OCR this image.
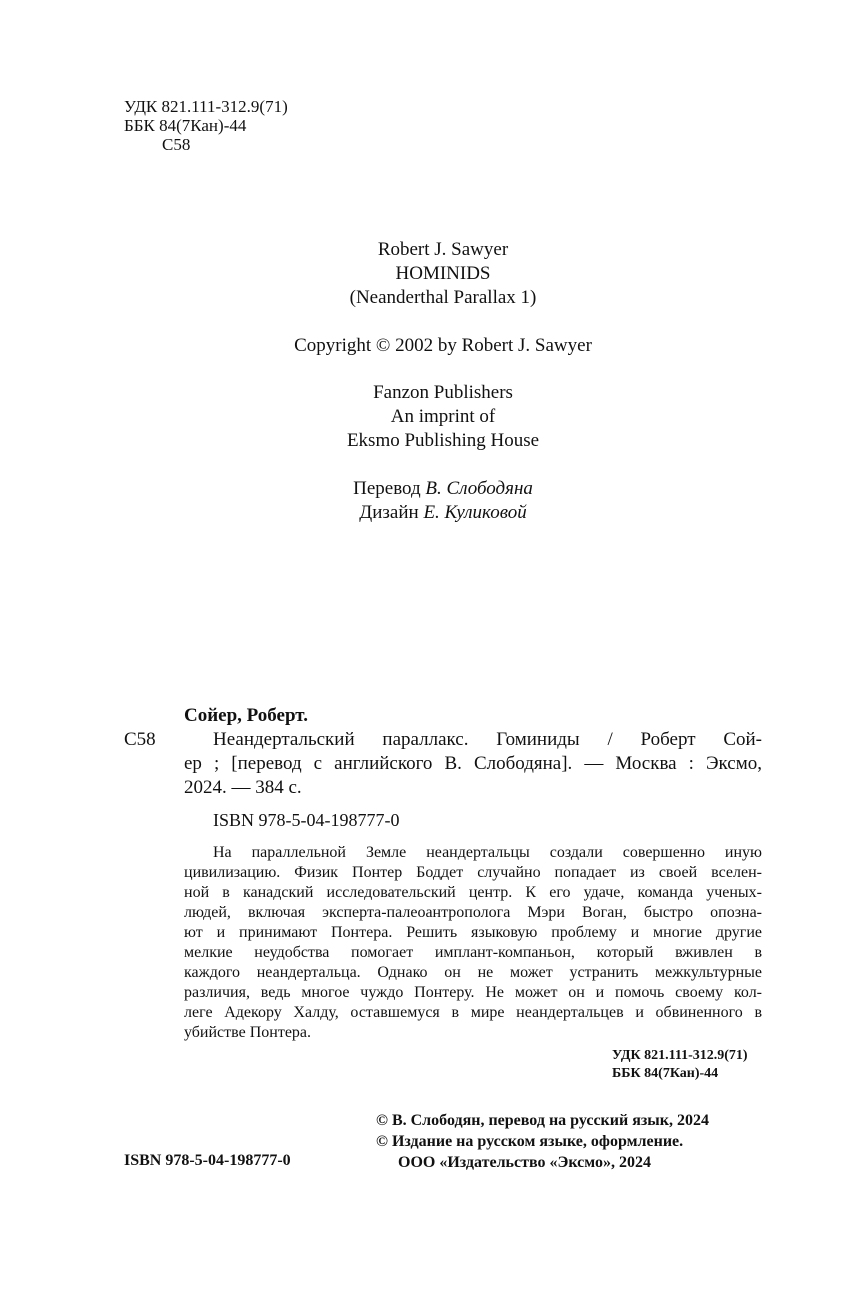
УДК 821.111-312.9(71)
ББК 84(7Кан)-44
С58
Robert J. Sawyer
HOMINIDS
(Neanderthal Parallax 1)
Copyright © 2002 by Robert J. Sawyer
Fanzon Publishers
An imprint of
Eksmo Publishing House
Перевод В. Слободяна
Дизайн Е. Куликовой
Сойер, Роберт.
С58	Неандертальский параллакс. Гоминиды / Роберт Сой-
ер ; [перевод с английского В. Слободяна]. — Москва : Эксмо,
2024. — 384 с.
ISBN 978-5-04-198777-0
На параллельной Земле неандертальцы создали совершенно иную
цивилизацию. Физик Понтер Боддет случайно попадает из своей вселен-
ной в канадский исследовательский центр. К его удаче, команда ученых-
людей, включая эксперта-палеоантрополога Мэри Воган, быстро опозна-
ют и принимают Понтера. Решить языковую проблему и многие другие
мелкие неудобства помогает имплант-компаньон, который вживлен в
каждого неандертальца. Однако он не может устранить межкультурные
различия, ведь многое чуждо Понтеру. Не может он и помочь своему кол-
леге Адекору Халду, оставшемуся в мире неандертальцев и обвиненного в
убийстве Понтера.
УДК 821.111-312.9(71)
ББК 84(7Кан)-44
© В. Слободян, перевод на русский язык, 2024
© Издание на русском языке, оформление.
ООО «Издательство «Эксмо», 2024
ISBN 978-5-04-198777-0
